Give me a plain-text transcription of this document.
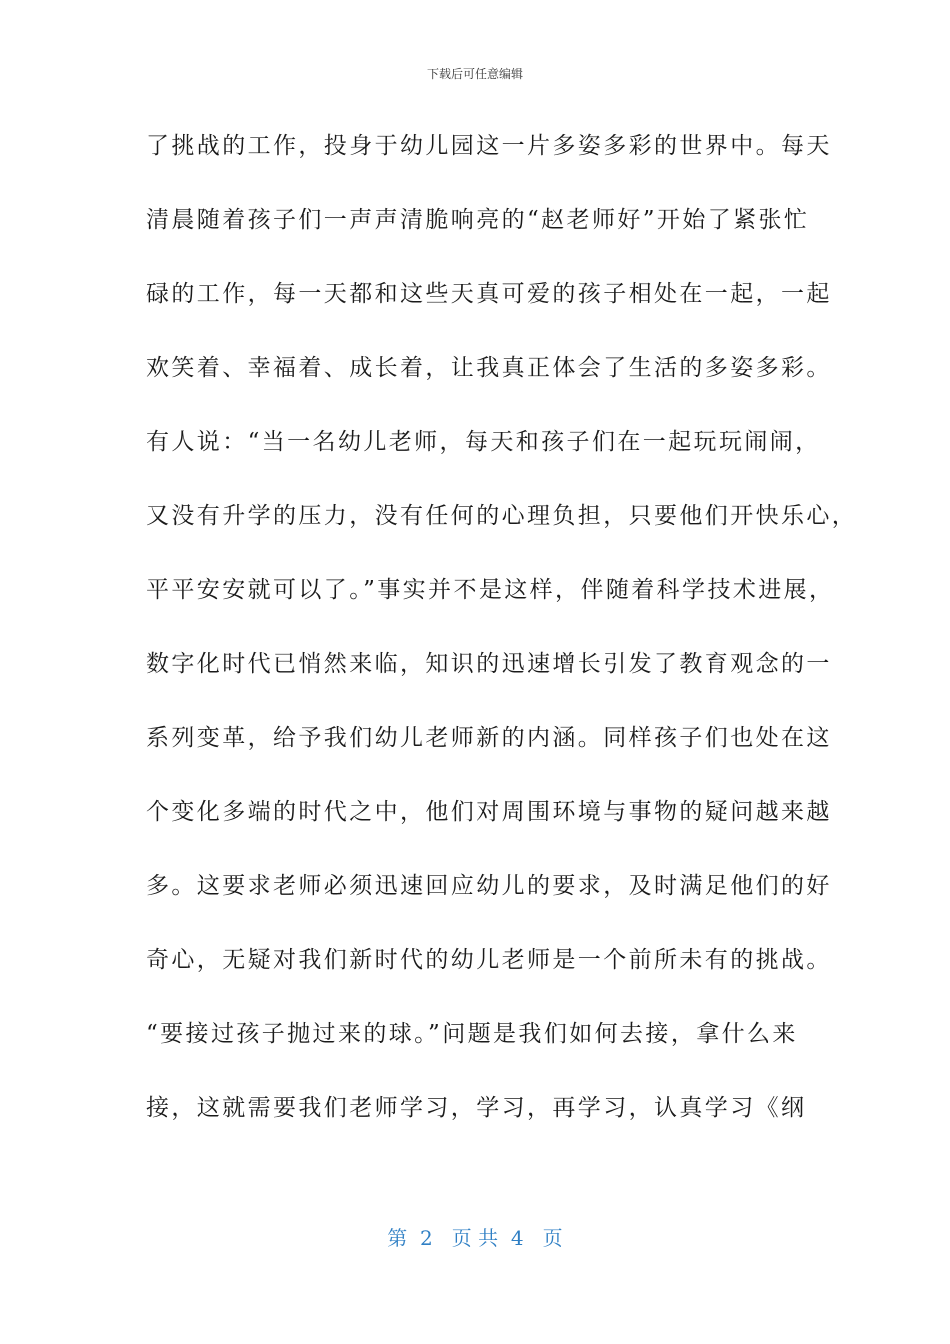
下载后可任意编辑
了挑战的工作，投身于幼儿园这一片多姿多彩的世界中。每天
清晨随着孩子们一声声清脆响亮的“赵老师好”开始了紧张忙
碌的工作，每一天都和这些天真可爱的孩子相处在一起，一起
欢笑着、幸福着、成长着，让我真正体会了生活的多姿多彩。
有人说：“当一名幼儿老师，每天和孩子们在一起玩玩闹闹，
又没有升学的压力，没有任何的心理负担，只要他们开快乐心，
平平安安就可以了。”事实并不是这样，伴随着科学技术进展，
数字化时代已悄然来临，知识的迅速增长引发了教育观念的一
系列变革，给予我们幼儿老师新的内涵。同样孩子们也处在这
个变化多端的时代之中，他们对周围环境与事物的疑问越来越
多。这要求老师必须迅速回应幼儿的要求，及时满足他们的好
奇心，无疑对我们新时代的幼儿老师是一个前所未有的挑战。
“要接过孩子抛过来的球。”问题是我们如何去接，拿什么来
接，这就需要我们老师学习，学习，再学习，认真学习《纲
第  2   页 共  4   页
